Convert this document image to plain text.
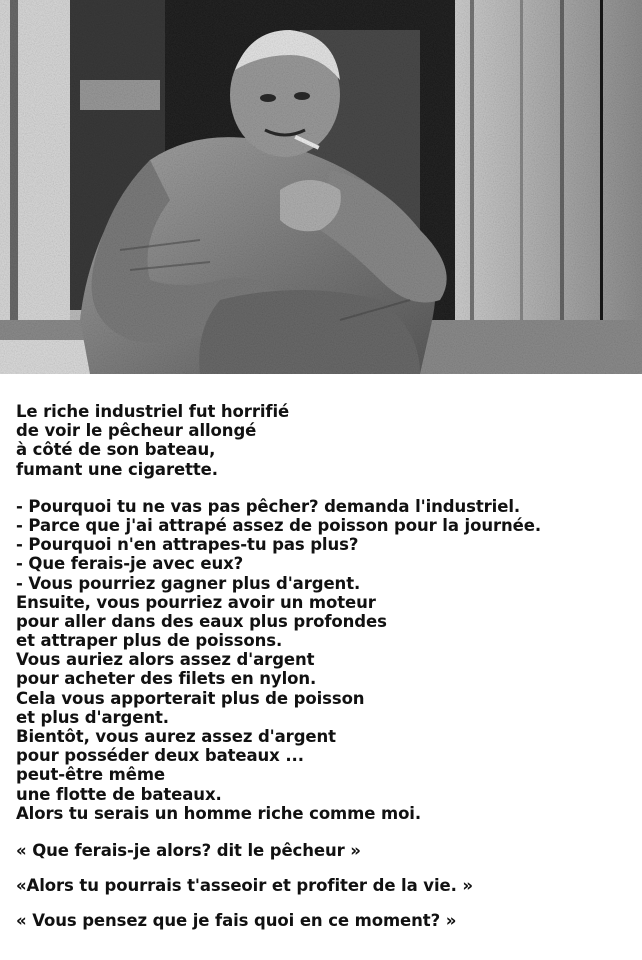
Le riche industriel fut horrifié
de voir le pêcheur allongé
à côté de son bateau,
fumant une cigarette.
- Pourquoi tu ne vas pas pêcher? demanda l'industriel.
- Parce que j'ai attrapé assez de poisson pour la journée.
- Pourquoi n'en attrapes-tu pas plus?
- Que ferais-je avec eux?
- Vous pourriez gagner plus d'argent.
Ensuite, vous pourriez avoir un moteur
pour aller dans des eaux plus profondes
et attraper plus de poissons.
Vous auriez alors assez d'argent
pour acheter des filets en nylon.
Cela vous apporterait plus de poisson
et plus d'argent.
Bientôt, vous aurez assez d'argent
pour posséder deux bateaux ...
peut-être même
une flotte de bateaux.
Alors tu serais un homme riche comme moi.
« Que ferais-je alors? dit le pêcheur »
«Alors tu pourrais t'asseoir et profiter de la vie. »
« Vous pensez que je fais quoi en ce moment? »
